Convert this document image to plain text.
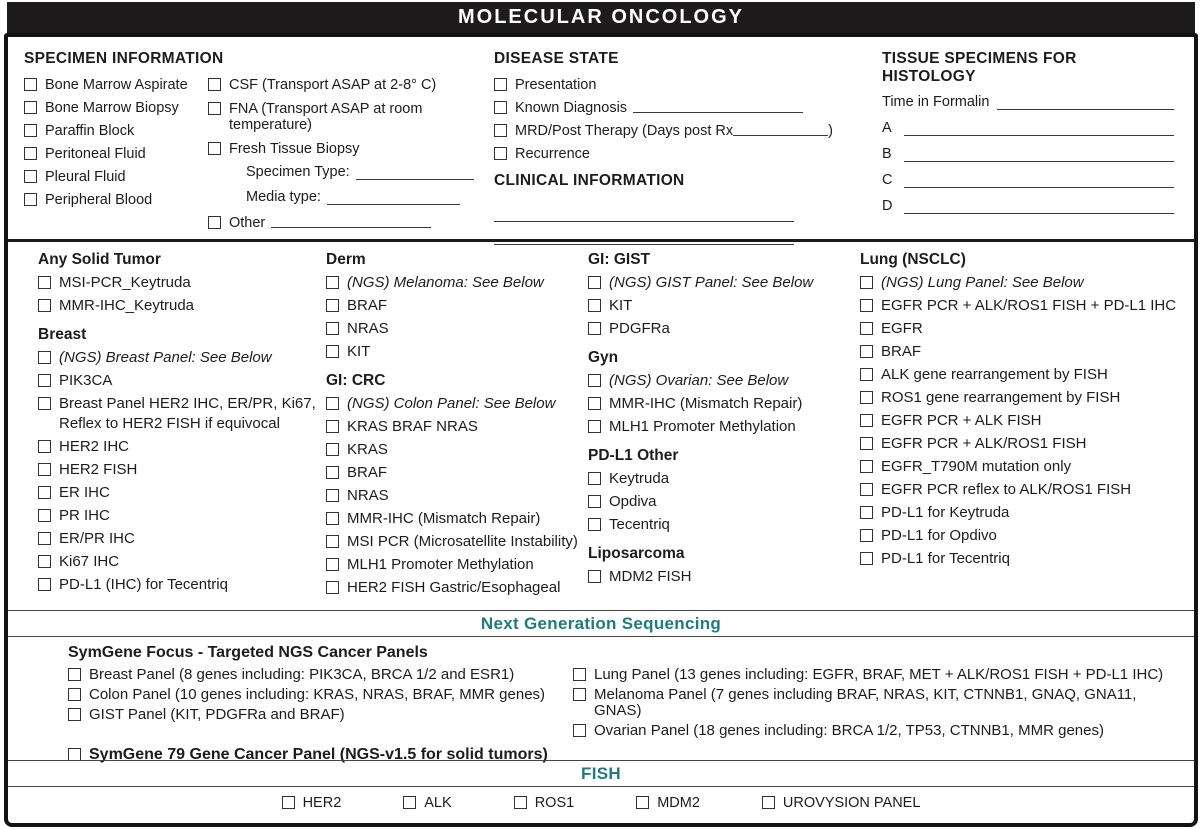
MOLECULAR ONCOLOGY
SPECIMEN INFORMATION
Bone Marrow Aspirate
Bone Marrow Biopsy
Paraffin Block
Peritoneal Fluid
Pleural Fluid
Peripheral Blood
CSF (Transport ASAP at 2-8° C)
FNA (Transport ASAP at room temperature)
Fresh Tissue Biopsy
Specimen Type:
Media type:
Other
DISEASE STATE
Presentation
Known Diagnosis
MRD/Post Therapy (Days post Rx	)
Recurrence
CLINICAL INFORMATION
TISSUE SPECIMENS FOR HISTOLOGY
Time in Formalin
A
B
C
D
Any Solid Tumor
MSI-PCR_Keytruda
MMR-IHC_Keytruda
Breast
(NGS) Breast Panel: See Below
PIK3CA
Breast Panel HER2 IHC, ER/PR, Ki67,
Reflex to HER2 FISH if equivocal
HER2 IHC
HER2 FISH
ER IHC
PR IHC
ER/PR IHC
Ki67 IHC
PD-L1 (IHC) for Tecentriq
Derm
(NGS) Melanoma: See Below
BRAF
NRAS
KIT
GI: CRC
(NGS) Colon Panel: See Below
KRAS BRAF NRAS
KRAS
BRAF
NRAS
MMR-IHC (Mismatch Repair)
MSI PCR (Microsatellite Instability)
MLH1 Promoter Methylation
HER2 FISH Gastric/Esophageal
GI: GIST
(NGS) GIST Panel: See Below
KIT
PDGFRa
Gyn
(NGS) Ovarian: See Below
MMR-IHC (Mismatch Repair)
MLH1 Promoter Methylation
PD-L1 Other
Keytruda
Opdiva
Tecentriq
Liposarcoma
MDM2 FISH
Lung (NSCLC)
(NGS) Lung Panel: See Below
EGFR PCR + ALK/ROS1 FISH + PD-L1 IHC
EGFR
BRAF
ALK gene rearrangement by FISH
ROS1 gene rearrangement by FISH
EGFR PCR + ALK FISH
EGFR PCR + ALK/ROS1 FISH
EGFR_T790M mutation only
EGFR PCR reflex to ALK/ROS1 FISH
PD-L1 for Keytruda
PD-L1 for Opdivo
PD-L1 for Tecentriq
Next Generation Sequencing
SymGene Focus - Targeted NGS Cancer Panels
Breast Panel (8 genes including: PIK3CA, BRCA 1/2 and ESR1)
Colon Panel (10 genes including: KRAS, NRAS, BRAF, MMR genes)
GIST Panel (KIT, PDGFRa and BRAF)
Lung Panel (13 genes including: EGFR, BRAF, MET + ALK/ROS1 FISH + PD-L1 IHC)
Melanoma Panel (7 genes including BRAF, NRAS, KIT, CTNNB1, GNAQ, GNA11, GNAS)
Ovarian Panel (18 genes including: BRCA 1/2, TP53, CTNNB1, MMR genes)
SymGene 79 Gene Cancer Panel (NGS-v1.5 for solid tumors)
FISH
HER2	ALK	ROS1	MDM2	UROVYSION PANEL
